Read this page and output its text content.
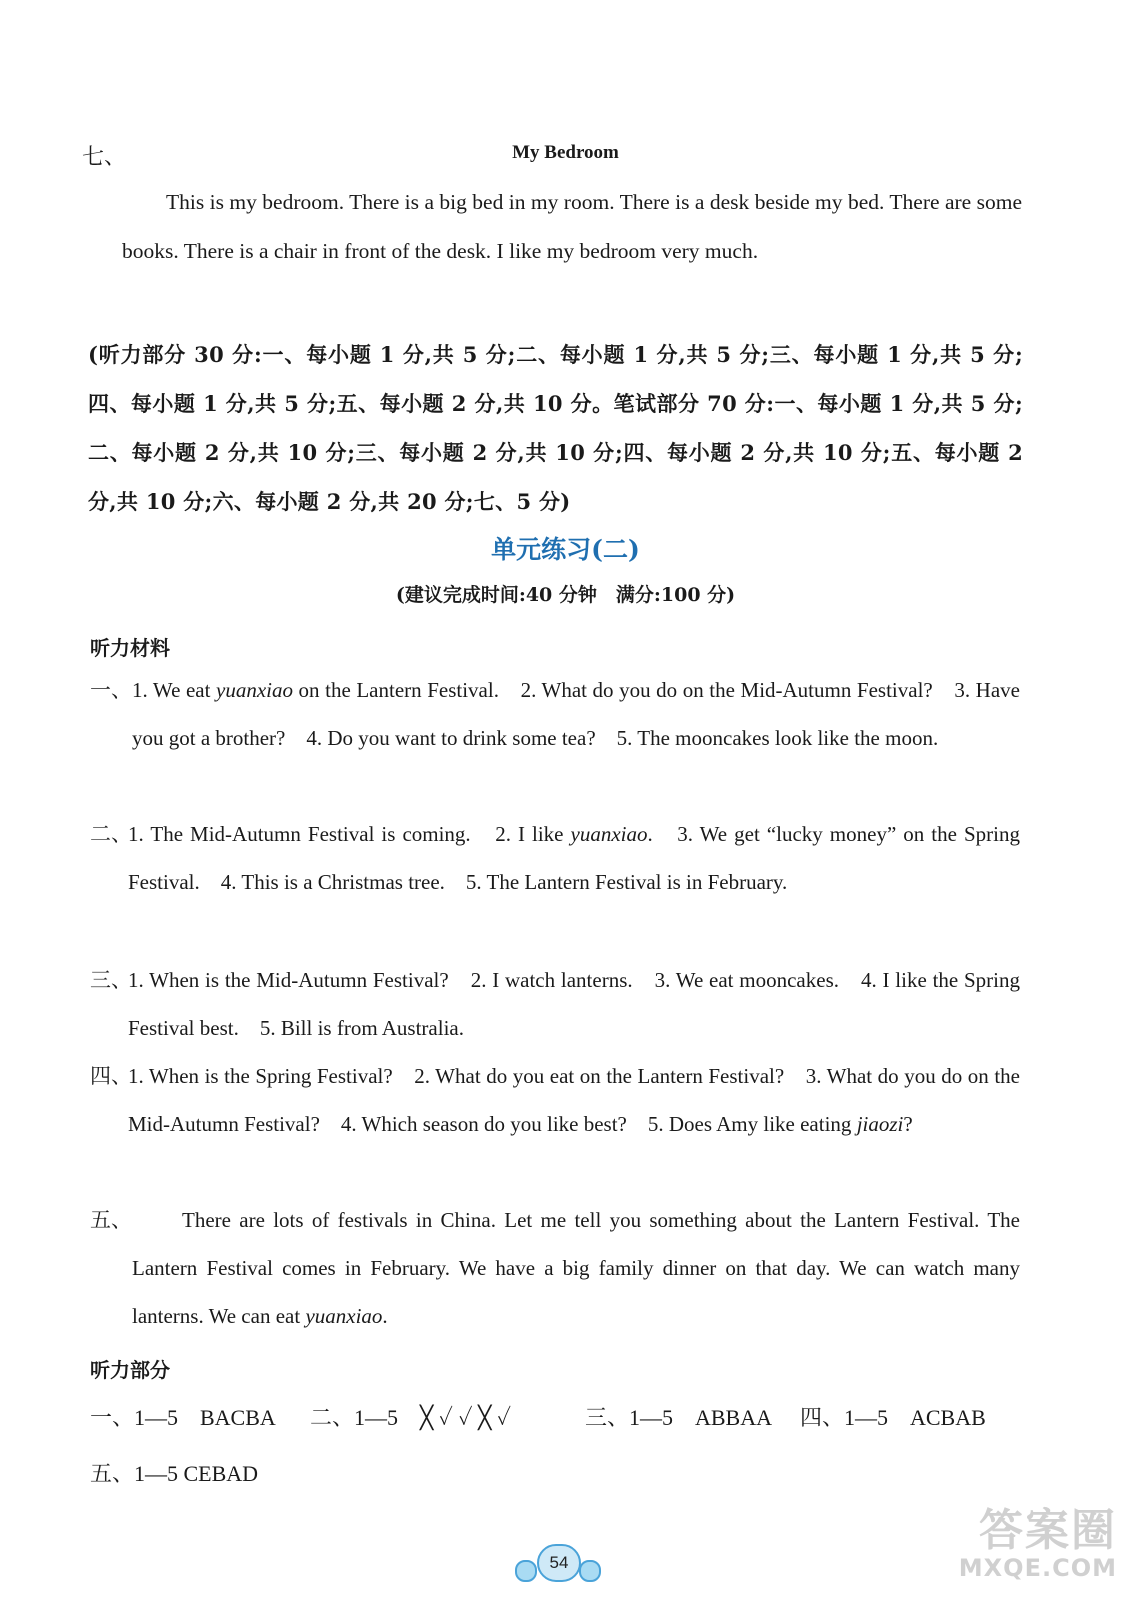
七、	My Bedroom
This is my bedroom. There is a big bed in my room. There is a desk beside my bed. There are some books. There is a chair in front of the desk. I like my bedroom very much.
(听力部分 30 分:一、每小题 1 分,共 5 分;二、每小题 1 分,共 5 分;三、每小题 1 分,共 5 分;四、每小题 1 分,共 5 分;五、每小题 2 分,共 10 分。笔试部分 70 分:一、每小题 1 分,共 5 分;二、每小题 2 分,共 10 分;三、每小题 2 分,共 10 分;四、每小题 2 分,共 10 分;五、每小题 2 分,共 10 分;六、每小题 2 分,共 20 分;七、5 分)
单元练习(二)
(建议完成时间:40 分钟　满分:100 分)
听力材料
一、 1. We eat yuanxiao on the Lantern Festival.　2. What do you do on the Mid-Autumn Festival?　3. Have you got a brother?　4. Do you want to drink some tea?　5. The mooncakes look like the moon.
二、
1. The Mid-Autumn Festival is coming.　2. I like yuanxiao.　3. We get “lucky money” on the Spring Festival.　4. This is a Christmas tree.　5. The Lantern Festival is in February.
三、
1. When is the Mid-Autumn Festival?　2. I watch lanterns.　3. We eat mooncakes.　4. I like the Spring Festival best.　5. Bill is from Australia.
四、
1. When is the Spring Festival?　2. What do you eat on the Lantern Festival?　3. What do you do on the Mid-Autumn Festival?　4. Which season do you like best?　5. Does Amy like eating jiaozi?
五、	There are lots of festivals in China. Let me tell you something about the Lantern Festival. The Lantern Festival comes in February. We have a big family dinner on that day. We can watch many lanterns. We can eat yuanxiao.
听力部分
一、1—5　BACBA 二、1—5　╳ ✓ ✓ ╳ ✓	三、1—5　ABBAA 四、1—5　ACBAB
五、1—5 CEBAD
54
答案圈
MXQE.COM
